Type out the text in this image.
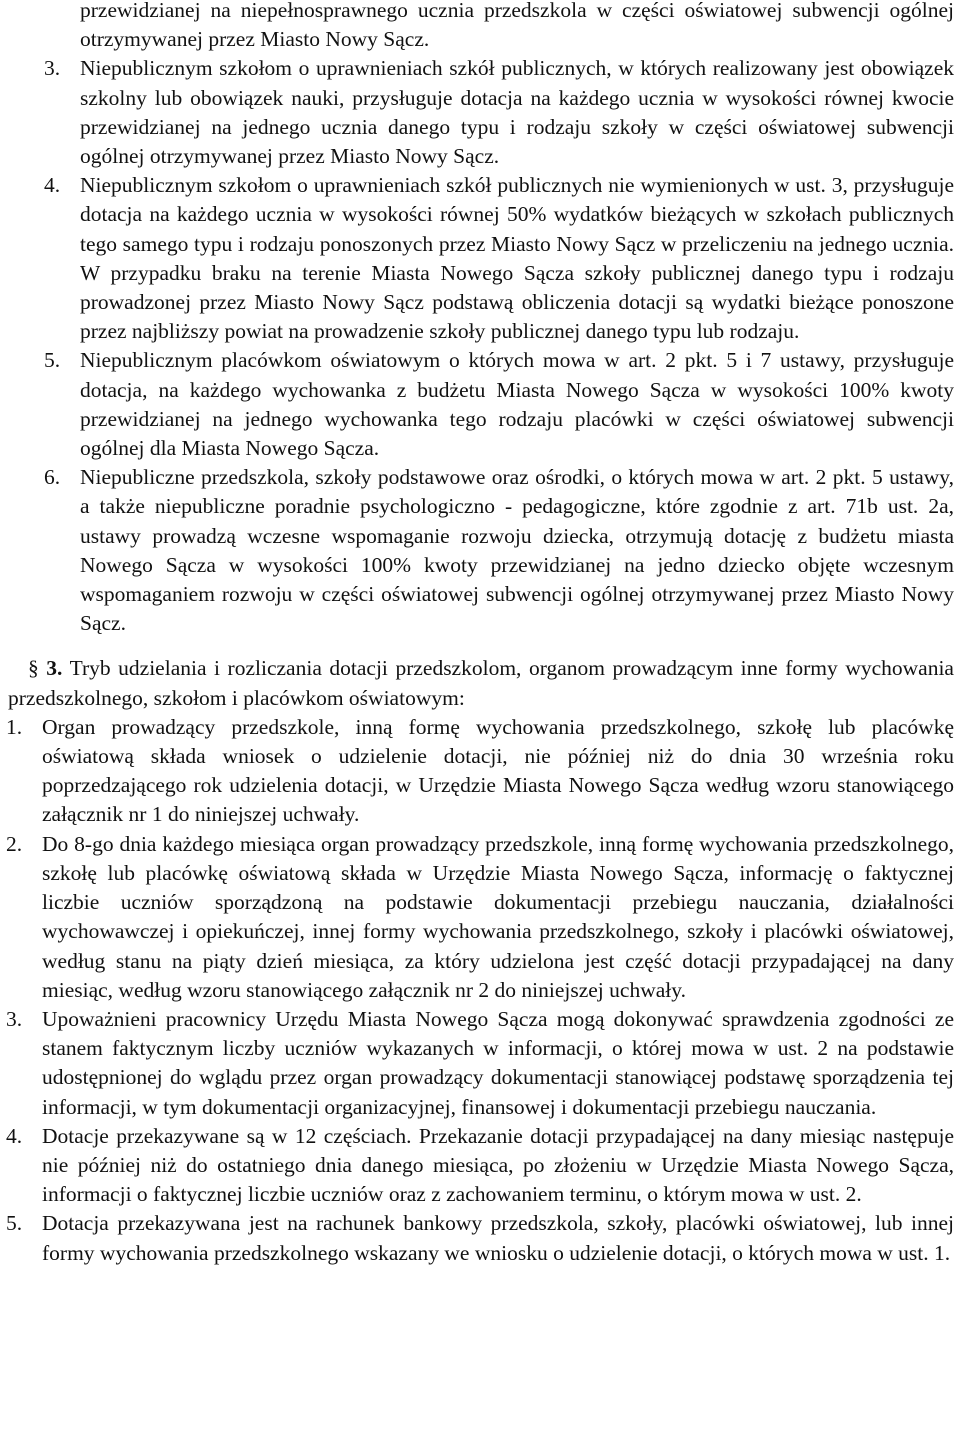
przewidzianej na niepełnosprawnego ucznia przedszkola w części oświatowej subwencji ogólnej otrzymywanej przez Miasto Nowy Sącz.

3. Niepublicznym szkołom o uprawnieniach szkół publicznych, w których realizowany jest obowiązek szkolny lub obowiązek nauki, przysługuje dotacja na każdego ucznia w wysokości równej kwocie przewidzianej na jednego ucznia danego typu i rodzaju szkoły w części oświatowej subwencji ogólnej otrzymywanej przez Miasto Nowy Sącz.

4. Niepublicznym szkołom o uprawnieniach szkół publicznych nie wymienionych w ust. 3, przysługuje dotacja na każdego ucznia w wysokości równej 50% wydatków bieżących w szkołach publicznych tego samego typu i rodzaju ponoszonych przez Miasto Nowy Sącz w przeliczeniu na jednego ucznia. W przypadku braku na terenie Miasta Nowego Sącza szkoły publicznej danego typu i rodzaju prowadzonej przez Miasto Nowy Sącz podstawą obliczenia dotacji są wydatki bieżące ponoszone przez najbliższy powiat na prowadzenie szkoły publicznej danego typu lub rodzaju.

5. Niepublicznym placówkom oświatowym o których mowa w art. 2 pkt. 5 i 7 ustawy, przysługuje dotacja, na każdego wychowanka z budżetu Miasta Nowego Sącza w wysokości 100% kwoty przewidzianej na jednego wychowanka tego rodzaju placówki w części oświatowej subwencji ogólnej dla Miasta Nowego Sącza.

6. Niepubliczne przedszkola, szkoły podstawowe oraz ośrodki, o których mowa w art. 2 pkt. 5 ustawy, a także niepubliczne poradnie psychologiczno - pedagogiczne, które zgodnie z art. 71b ust. 2a, ustawy prowadzą wczesne wspomaganie rozwoju dziecka, otrzymują dotację z budżetu miasta Nowego Sącza w wysokości 100% kwoty przewidzianej na jedno dziecko objęte wczesnym wspomaganiem rozwoju w części oświatowej subwencji ogólnej otrzymywanej przez Miasto Nowy Sącz.

§ 3. Tryb udzielania i rozliczania dotacji przedszkolom, organom prowadzącym inne formy wychowania przedszkolnego, szkołom i placówkom oświatowym:

1. Organ prowadzący przedszkole, inną formę wychowania przedszkolnego, szkołę lub placówkę oświatową składa wniosek o udzielenie dotacji, nie później niż do dnia 30 września roku poprzedzającego rok udzielenia dotacji, w Urzędzie Miasta Nowego Sącza według wzoru stanowiącego załącznik nr 1 do niniejszej uchwały.

2. Do 8-go dnia każdego miesiąca organ prowadzący przedszkole, inną formę wychowania przedszkolnego, szkołę lub placówkę oświatową składa w Urzędzie Miasta Nowego Sącza, informację o faktycznej liczbie uczniów sporządzoną na podstawie dokumentacji przebiegu nauczania, działalności wychowawczej i opiekuńczej, innej formy wychowania przedszkolnego, szkoły i placówki oświatowej, według stanu na piąty dzień miesiąca, za który udzielona jest część dotacji przypadającej na dany miesiąc, według wzoru stanowiącego załącznik nr 2 do niniejszej uchwały.

3. Upoważnieni pracownicy Urzędu Miasta Nowego Sącza mogą dokonywać sprawdzenia zgodności ze stanem faktycznym liczby uczniów wykazanych w informacji, o której mowa w ust. 2 na podstawie udostępnionej do wglądu przez organ prowadzący dokumentacji stanowiącej podstawę sporządzenia tej informacji, w tym dokumentacji organizacyjnej, finansowej i dokumentacji przebiegu nauczania.

4. Dotacje przekazywane są w 12 częściach. Przekazanie dotacji przypadającej na dany miesiąc następuje nie później niż do ostatniego dnia danego miesiąca, po złożeniu w Urzędzie Miasta Nowego Sącza, informacji o faktycznej liczbie uczniów oraz z zachowaniem terminu, o którym mowa w ust. 2.

5. Dotacja przekazywana jest na rachunek bankowy przedszkola, szkoły, placówki oświatowej, lub innej formy wychowania przedszkolnego wskazany we wniosku o udzielenie dotacji, o których mowa w ust. 1.
